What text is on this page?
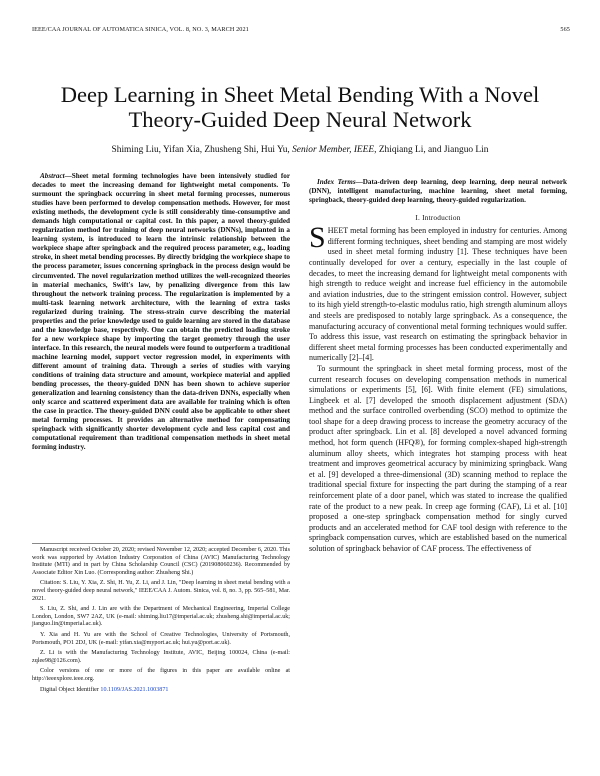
IEEE/CAA JOURNAL OF AUTOMATICA SINICA, VOL. 8, NO. 3, MARCH 2021	565
Deep Learning in Sheet Metal Bending With a Novel Theory-Guided Deep Neural Network
Shiming Liu, Yifan Xia, Zhusheng Shi, Hui Yu, Senior Member, IEEE, Zhiqiang Li, and Jianguo Lin

Abstract—Sheet metal forming technologies have been intensively studied for decades to meet the increasing demand for lightweight metal components. To surmount the springback occurring in sheet metal forming processes, numerous studies have been performed to develop compensation methods. However, for most existing methods, the development cycle is still considerably time-consumptive and demands high computational or capital cost. In this paper, a novel theory-guided regularization method for training of deep neural networks (DNNs), implanted in a learning system, is introduced to learn the intrinsic relationship between the workpiece shape after springback and the required process parameter, e.g., loading stroke, in sheet metal bending processes. By directly bridging the workpiece shape to the process parameter, issues concerning springback in the process design would be circumvented. The novel regularization method utilizes the well-recognized theories in material mechanics, Swift's law, by penalizing divergence from this law throughout the network training process. The regularization is implemented by a multi-task learning network architecture, with the learning of extra tasks regularized during training. The stress-strain curve describing the material properties and the prior knowledge used to guide learning are stored in the database and the knowledge base, respectively. One can obtain the predicted loading stroke for a new workpiece shape by importing the target geometry through the user interface. In this research, the neural models were found to outperform a traditional machine learning model, support vector regression model, in experiments with different amount of training data. Through a series of studies with varying conditions of training data structure and amount, workpiece material and applied bending processes, the theory-guided DNN has been shown to achieve superior generalization and learning consistency than the data-driven DNNs, especially when only scarce and scattered experiment data are available for training which is often the case in practice. The theory-guided DNN could also be applicable to other sheet metal forming processes. It provides an alternative method for compensating springback with significantly shorter development cycle and less capital cost and computational requirement than traditional compensation methods in sheet metal forming industry.

Manuscript received October 20, 2020; revised November 12, 2020; accepted December 6, 2020. This work was supported by Aviation Industry Corporation of China (AVIC) Manufacturing Technology Institute (MTI) and in part by China Scholarship Council (CSC) (201908060236). Recommended by Associate Editor Xin Luo. (Corresponding author: Zhusheng Shi.)

Citation: S. Liu, Y. Xia, Z. Shi, H. Yu, Z. Li, and J. Lin, "Deep learning in sheet metal bending with a novel theory-guided deep neural network," IEEE/CAA J. Autom. Sinica, vol. 8, no. 3, pp. 565–581, Mar. 2021.

S. Liu, Z. Shi, and J. Lin are with the Department of Mechanical Engineering, Imperial College London, London, SW7 2AZ, UK (e-mail: shiming.liu17@imperial.ac.uk; zhusheng.shi@imperial.ac.uk; jianguo.lin@imperial.ac.uk).

Y. Xia and H. Yu are with the School of Creative Technologies, University of Portsmouth, Portsmouth, PO1 2DJ, UK (e-mail: yifan.xia@myport.ac.uk; hui.yu@port.ac.uk).

Z. Li is with the Manufacturing Technology Institute, AVIC, Beijing 100024, China (e-mail: zqlee98@126.com).

Color versions of one or more of the figures in this paper are available online at http://ieeexplore.ieee.org.

Digital Object Identifier 10.1109/JAS.2021.1003871

Index Terms—Data-driven deep learning, deep learning, deep neural network (DNN), intelligent manufacturing, machine learning, sheet metal forming, springback, theory-guided deep learning, theory-guided regularization.

I. Introduction

SHEET metal forming has been employed in industry for centuries. Among different forming techniques, sheet bending and stamping are most widely used in sheet metal forming industry [1]. These techniques have been continually developed for over a century, especially in the last couple of decades, to meet the increasing demand for lightweight metal components with high strength to reduce weight and increase fuel efficiency in the automobile and aviation industries, due to the stringent emission control. However, subject to its high yield strength-to-elastic modulus ratio, high strength aluminum alloys and steels are predisposed to notably large springback. As a consequence, the manufacturing accuracy of conventional metal forming techniques would suffer. To address this issue, vast research on estimating the springback behavior in different sheet metal forming processes has been conducted experimentally and numerically [2]–[4].

To surmount the springback in sheet metal forming process, most of the current research focuses on developing compensation methods in numerical simulations or experiments [5], [6]. With finite element (FE) simulations, Lingbeek et al. [7] developed the smooth displacement adjustment (SDA) method and the surface controlled overbending (SCO) method to optimize the tool shape for a deep drawing process to increase the geometry accuracy of the product after springback. Lin et al. [8] developed a novel advanced forming method, hot form quench (HFQ®), for forming complex-shaped high-strength aluminum alloy sheets, which integrates hot stamping process with heat treatment and improves geometrical accuracy by minimizing springback. Wang et al. [9] developed a three-dimensional (3D) scanning method to replace the traditional special fixture for inspecting the part during the stamping of a rear reinforcement plate of a door panel, which was stated to increase the qualified rate of the product to a new peak. In creep age forming (CAF), Li et al. [10] proposed a one-step springback compensation method for singly curved products and an accelerated method for CAF tool design with reference to the springback compensation curves, which are established based on the numerical solution of springback behavior of CAF process. The effectiveness of
